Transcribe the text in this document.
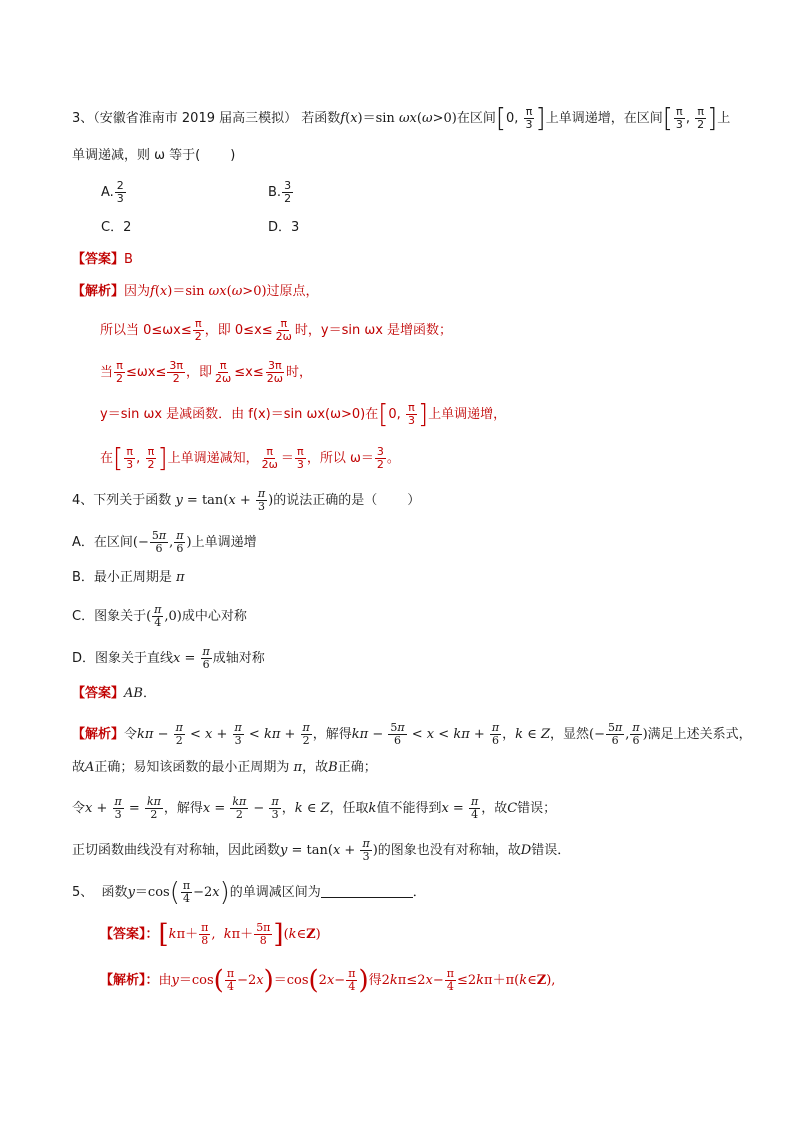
3、（安徽省淮南市 2019 届高三模拟） 若函数f(x)＝sin ωx(ω>0)在区间[0, $\frac{\pi}{3}$ ]上单调递增，在区间[ $\frac{\pi}{3}$ , $\frac{\pi}{2}$ ]上
单调递减，则 ω 等于( )
A. $\frac{2}{3}$	B. $\frac{3}{2}$
C．2	D．3
【答案】B
【解析】因为f(x)＝sin ωx(ω>0)过原点，
所以当 $0\le\omega x\le \frac{\pi}{2}$ ，即 $0\le x\le \frac{\pi}{2\omega}$ 时，y＝sin ωx 是增函数；
当 $\frac{\pi}{2} \le\omega x\le \frac{3\pi}{2}$ ，即 $\frac{\pi}{2\omega} \le x\le \frac{3\pi}{2\omega}$ 时，
y＝sin ωx 是减函数．由 f(x)＝sin ωx(ω>0)在[0, $\frac{\pi}{3}$ ]上单调递增，
在[ $\frac{\pi}{3}$ , $\frac{\pi}{2}$ ]上单调递减知， $\frac{\pi}{2\omega} = \frac{\pi}{3}$ ，所以 $\omega= \frac{3}{2}$ 。
4、下列关于函数 $y = \tan(x + \frac{\pi}{3}$ )的说法正确的是（ ）
A．在区间(− $\frac{5\pi}{6}$ , $\frac{\pi}{6}$ )上单调递增
B．最小正周期是 π
C．图象关于( $\frac{\pi}{4} ,0$)成中心对称
D．图象关于直线$x = \frac{\pi}{6}$ 成轴对称
【答案】AB．
【解析】令$k\pi - \frac{\pi}{2} < x + \frac{\pi}{3} < k\pi + \frac{\pi}{2}$ ，解得$k\pi - \frac{5\pi}{6} < x < k\pi + \frac{\pi}{6}$ ，k ∈ Z，显然(− $\frac{5\pi}{6}$ , $\frac{\pi}{6}$ )满足上述关系式，
故A正确；易知该函数的最小正周期为 π，故B正确；
令$x + \frac{\pi}{3} = \frac{k\pi}{2}$ ，解得$x = \frac{k\pi}{2} - \frac{\pi}{3}$ ，k ∈ Z，任取k值不能得到$x = \frac{\pi}{4}$ ，故C错误；
正切函数曲线没有对称轴，因此函数$y = \tan(x + \frac{\pi}{3}$ )的图象也没有对称轴，故D错误．
5、 函数$y=\cos( \frac{\pi}{4} -2x)$的单调减区间为	．
【答案】：[$k\pi+ \frac{\pi}{8}$ ,  $k\pi+ \frac{5\pi}{8}$ ](k∈Z)
【解析】：由$y=\cos( \frac{\pi}{4} -2x)=\cos(2x- \frac{\pi}{4}$ )得$2k\pi\le 2x- \frac{\pi}{4}$ ≤2kπ＋π(k∈Z),
